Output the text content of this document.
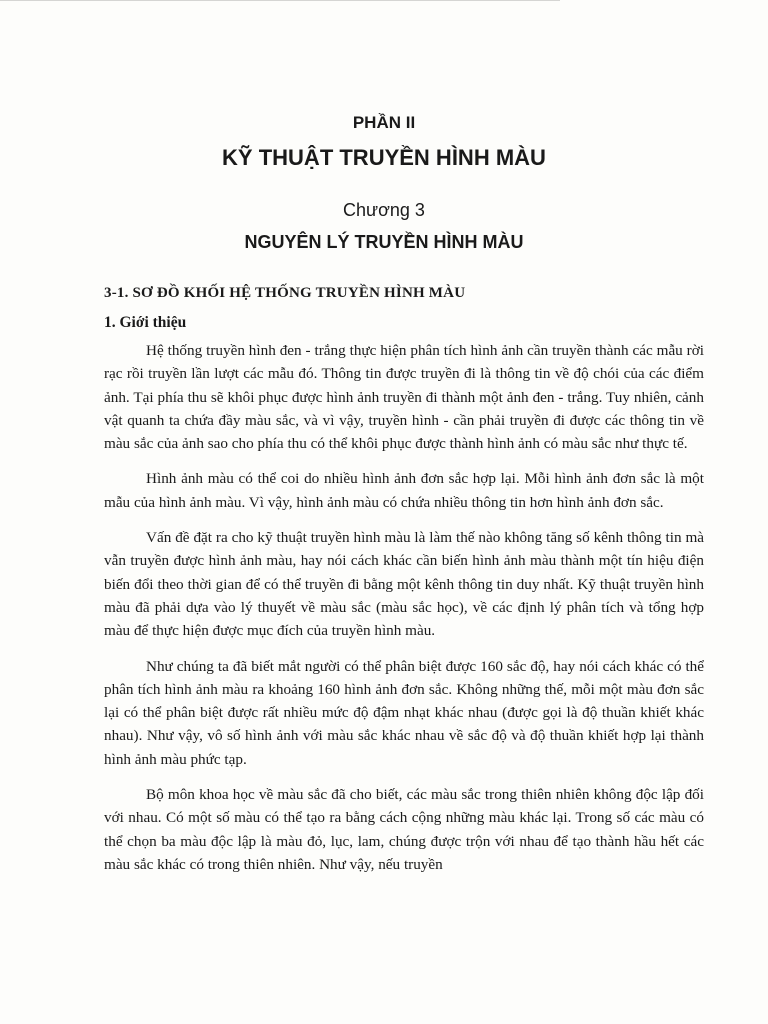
PHẦN II
KỸ THUẬT TRUYỀN HÌNH MÀU
Chương 3
NGUYÊN LÝ TRUYỀN HÌNH MÀU
3-1. SƠ ĐỒ KHỐI HỆ THỐNG TRUYỀN HÌNH MÀU
1. Giới thiệu

Hệ thống truyền hình đen - trắng thực hiện phân tích hình ảnh cần truyền thành các mẫu rời rạc rồi truyền lần lượt các mẫu đó. Thông tin được truyền đi là thông tin về độ chói của các điểm ảnh. Tại phía thu sẽ khôi phục được hình ảnh truyền đi thành một ảnh đen - trắng. Tuy nhiên, cảnh vật quanh ta chứa đầy màu sắc, và vì vậy, truyền hình - cần phải truyền đi được các thông tin về màu sắc của ảnh sao cho phía thu có thể khôi phục được thành hình ảnh có màu sắc như thực tế.

Hình ảnh màu có thể coi do nhiều hình ảnh đơn sắc hợp lại. Mỗi hình ảnh đơn sắc là một mẫu của hình ảnh màu. Vì vậy, hình ảnh màu có chứa nhiều thông tin hơn hình ảnh đơn sắc.

Vấn đề đặt ra cho kỹ thuật truyền hình màu là làm thế nào không tăng số kênh thông tin mà vẫn truyền được hình ảnh màu, hay nói cách khác cần biến hình ảnh màu thành một tín hiệu điện biến đổi theo thời gian để có thể truyền đi bằng một kênh thông tin duy nhất. Kỹ thuật truyền hình màu đã phải dựa vào lý thuyết về màu sắc (màu sắc học), về các định lý phân tích và tổng hợp màu để thực hiện được mục đích của truyền hình màu.

Như chúng ta đã biết mắt người có thể phân biệt được 160 sắc độ, hay nói cách khác có thể phân tích hình ảnh màu ra khoảng 160 hình ảnh đơn sắc. Không những thế, mỗi một màu đơn sắc lại có thể phân biệt được rất nhiều mức độ đậm nhạt khác nhau (được gọi là độ thuần khiết khác nhau). Như vậy, vô số hình ảnh với màu sắc khác nhau về sắc độ và độ thuần khiết hợp lại thành hình ảnh màu phức tạp.

Bộ môn khoa học về màu sắc đã cho biết, các màu sắc trong thiên nhiên không độc lập đối với nhau. Có một số màu có thể tạo ra bằng cách cộng những màu khác lại. Trong số các màu có thể chọn ba màu độc lập là màu đỏ, lục, lam, chúng được trộn với nhau để tạo thành hầu hết các màu sắc khác có trong thiên nhiên. Như vậy, nếu truyền
